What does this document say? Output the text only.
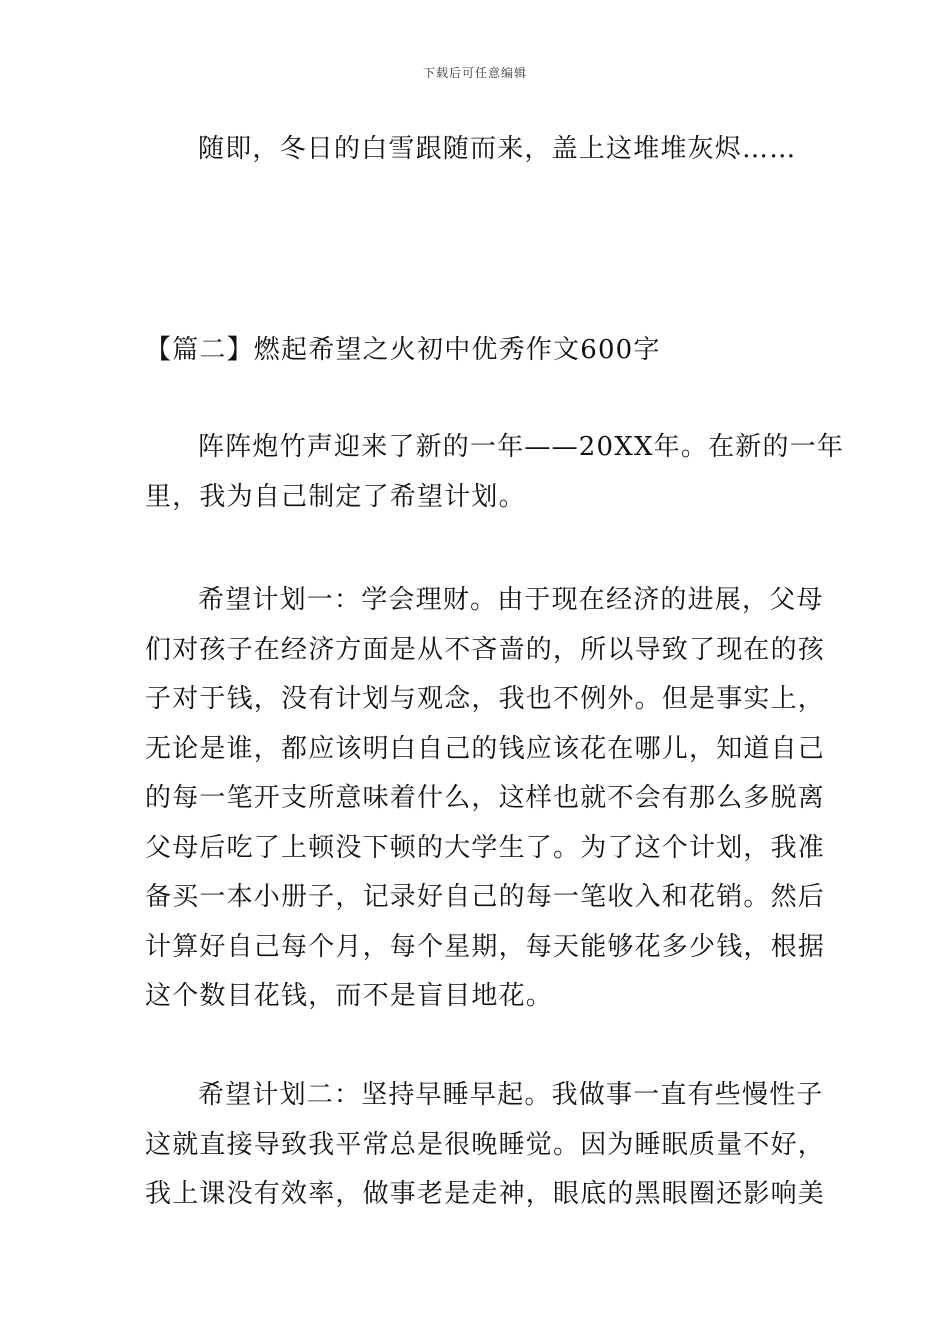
下载后可任意编辑

随即，冬日的白雪跟随而来，盖上这堆堆灰烬……

【篇二】燃起希望之火初中优秀作文600字

阵阵炮竹声迎来了新的一年——20XX年。在新的一年
里，我为自己制定了希望计划。

希望计划一：学会理财。由于现在经济的进展，父母
们对孩子在经济方面是从不吝啬的，所以导致了现在的孩
子对于钱，没有计划与观念，我也不例外。但是事实上，
无论是谁，都应该明白自己的钱应该花在哪儿，知道自己
的每一笔开支所意味着什么，这样也就不会有那么多脱离
父母后吃了上顿没下顿的大学生了。为了这个计划，我准
备买一本小册子，记录好自己的每一笔收入和花销。然后
计算好自己每个月，每个星期，每天能够花多少钱，根据
这个数目花钱，而不是盲目地花。

希望计划二：坚持早睡早起。我做事一直有些慢性子
这就直接导致我平常总是很晚睡觉。因为睡眠质量不好，
我上课没有效率，做事老是走神，眼底的黑眼圈还影响美
